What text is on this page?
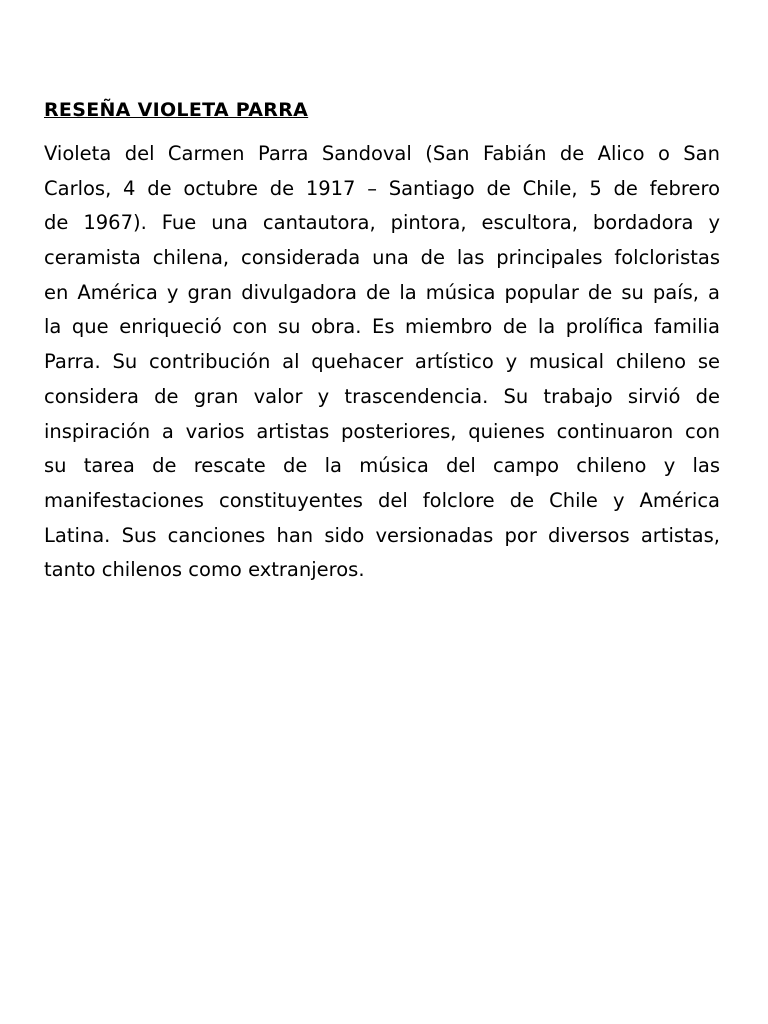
RESEÑA VIOLETA PARRA
Violeta del Carmen Parra Sandoval (San Fabián de Alico o San
Carlos, 4 de octubre de 1917 – Santiago de Chile, 5 de febrero
de 1967). Fue una cantautora, pintora, escultora, bordadora y
ceramista chilena, considerada una de las principales folcloristas
en América y gran divulgadora de la música popular de su país, a
la que enriqueció con su obra. Es miembro de la prolífica familia
Parra. Su contribución al quehacer artístico y musical chileno se
considera de gran valor y trascendencia. Su trabajo sirvió de
inspiración a varios artistas posteriores, quienes continuaron con
su tarea de rescate de la música del campo chileno y las
manifestaciones constituyentes del folclore de Chile y América
Latina. Sus canciones han sido versionadas por diversos artistas,
tanto chilenos como extranjeros.
